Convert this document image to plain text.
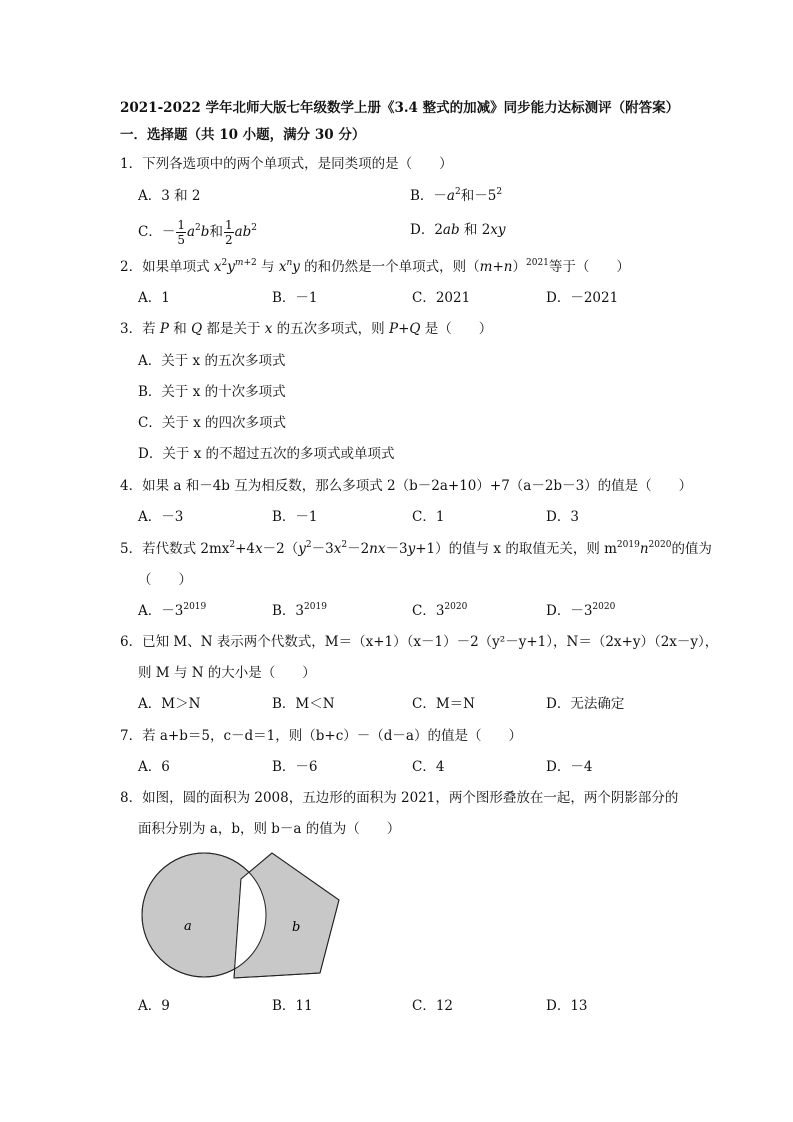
2021-2022 学年北师大版七年级数学上册《3.4 整式的加减》同步能力达标测评（附答案）
一．选择题（共 10 小题，满分 30 分）
1．下列各选项中的两个单项式，是同类项的是（　　）
A．3 和 2	B．$-a^2$和$-5^2$
C．－ $\frac{1}{5} a^2b$和 $\frac{1}{2} ab^2$	D．2ab 和 2xy
2．如果单项式 $x^2y^{m+2}$ 与 $x^ny$ 的和仍然是一个单项式，则$(m+n)^{2021}$等于（　　）
A．1	B．－1	C．2021	D．－2021
3．若 P 和 Q 都是关于 x 的五次多项式，则 P+Q 是（　　）
A．关于 x 的五次多项式
B．关于 x 的十次多项式
C．关于 x 的四次多项式
D．关于 x 的不超过五次的多项式或单项式
4．如果 a 和－4b 互为相反数，那么多项式 2（b－2a+10）+7（a－2b－3）的值是（　　）
A．－3	B．－1	C．1	D．3
5．若代数式 $2mx^2+4x-2(y^2-3x^2-2nx-3y+1)$的值与 x 的取值无关，则 $m^{2019}n^{2020}$的值为
（　　）
A．$-3^{2019}$	B．$3^{2019}$	C．$3^{2020}$	D．$-3^{2020}$
6．已知 M、N 表示两个代数式，M＝（x+1）（x－1）－2（y²－y+1），N＝（2x+y）（2x－y），
则 M 与 N 的大小是（　　）
A．M＞N	B．M＜N	C．M＝N	D．无法确定
7．若 a+b＝5，c－d＝1，则（b+c）－（d－a）的值是（　　）
A．6	B．－6	C．4	D．－4
8．如图，圆的面积为 2008，五边形的面积为 2021，两个图形叠放在一起，两个阴影部分的
面积分别为 a，b，则 b－a 的值为（　　）
a	b
A．9	B．11	C．12	D．13
